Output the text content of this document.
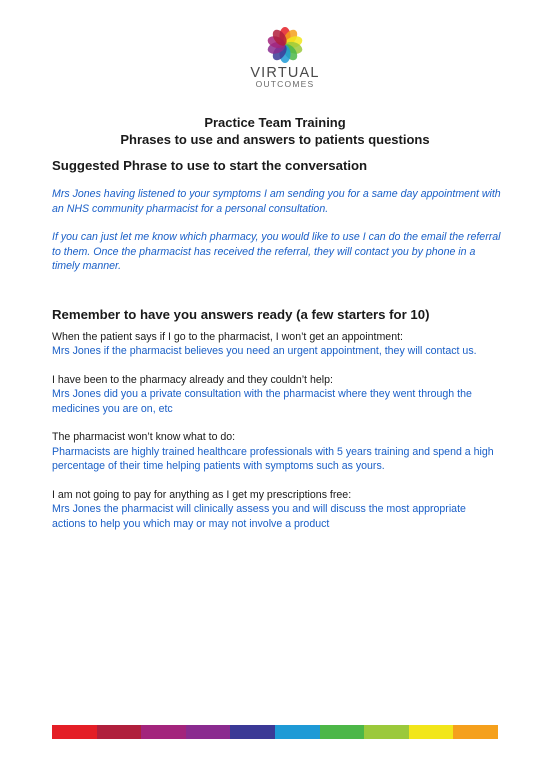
VIRTUAL
OUTCOMES
Practice Team Training
Phrases to use and answers to patients questions
Suggested Phrase to use to start the conversation

Mrs Jones having listened to your symptoms I am sending you for a same day appointment with an NHS community pharmacist for a personal consultation.

If you can just let me know which pharmacy, you would like to use I can do the email the referral to them. Once the pharmacist has received the referral, they will contact you by phone in a timely manner.

Remember to have you answers ready (a few starters for 10)

When the patient says if I go to the pharmacist, I won’t get an appointment:

Mrs Jones if the pharmacist believes you need an urgent appointment, they will contact us.

I have been to the pharmacy already and they couldn’t help:

Mrs Jones did you a private consultation with the pharmacist where they went through the medicines you are on, etc

The pharmacist won’t know what to do:

Pharmacists are highly trained healthcare professionals with 5 years training and spend a high percentage of their time helping patients with symptoms such as yours.

I am not going to pay for anything as I get my prescriptions free:

Mrs Jones the pharmacist will clinically assess you and will discuss the most appropriate actions to help you which may or may not involve a product
